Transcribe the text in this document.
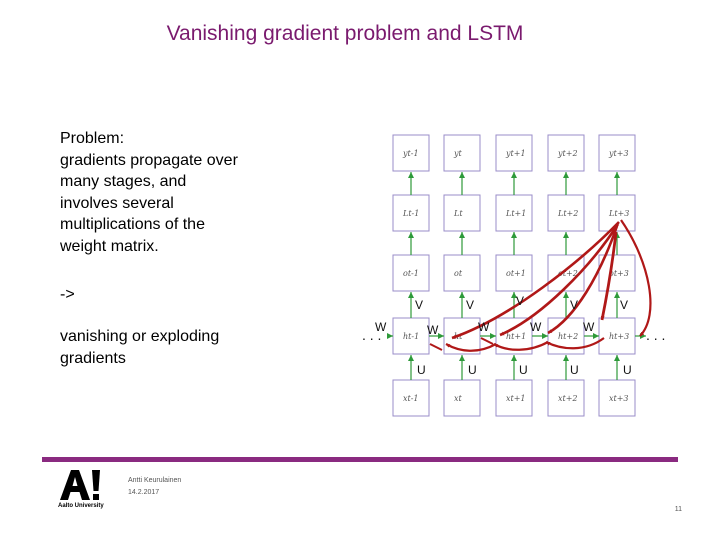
Vanishing gradient problem and LSTM
Problem:
gradients propagate over
many stages, and
involves several
multiplications of the
weight matrix.
->
vanishing or exploding
gradients
yt-1	yt	yt+1	yt+2	yt+3
Lt-1	Lt	Lt+1	Lt+2	Lt+3
ot-1	ot	ot+1	ot+2	ot+3
ht-1	ht	ht+1	ht+2	ht+3
xt-1	xt	xt+1	xt+2	xt+3
V	V	V	V	V
W	W	W	W	W
U	U	U	U	U
. . .	. . .
Aalto University
Antti Keurulainen
14.2.2017
11
